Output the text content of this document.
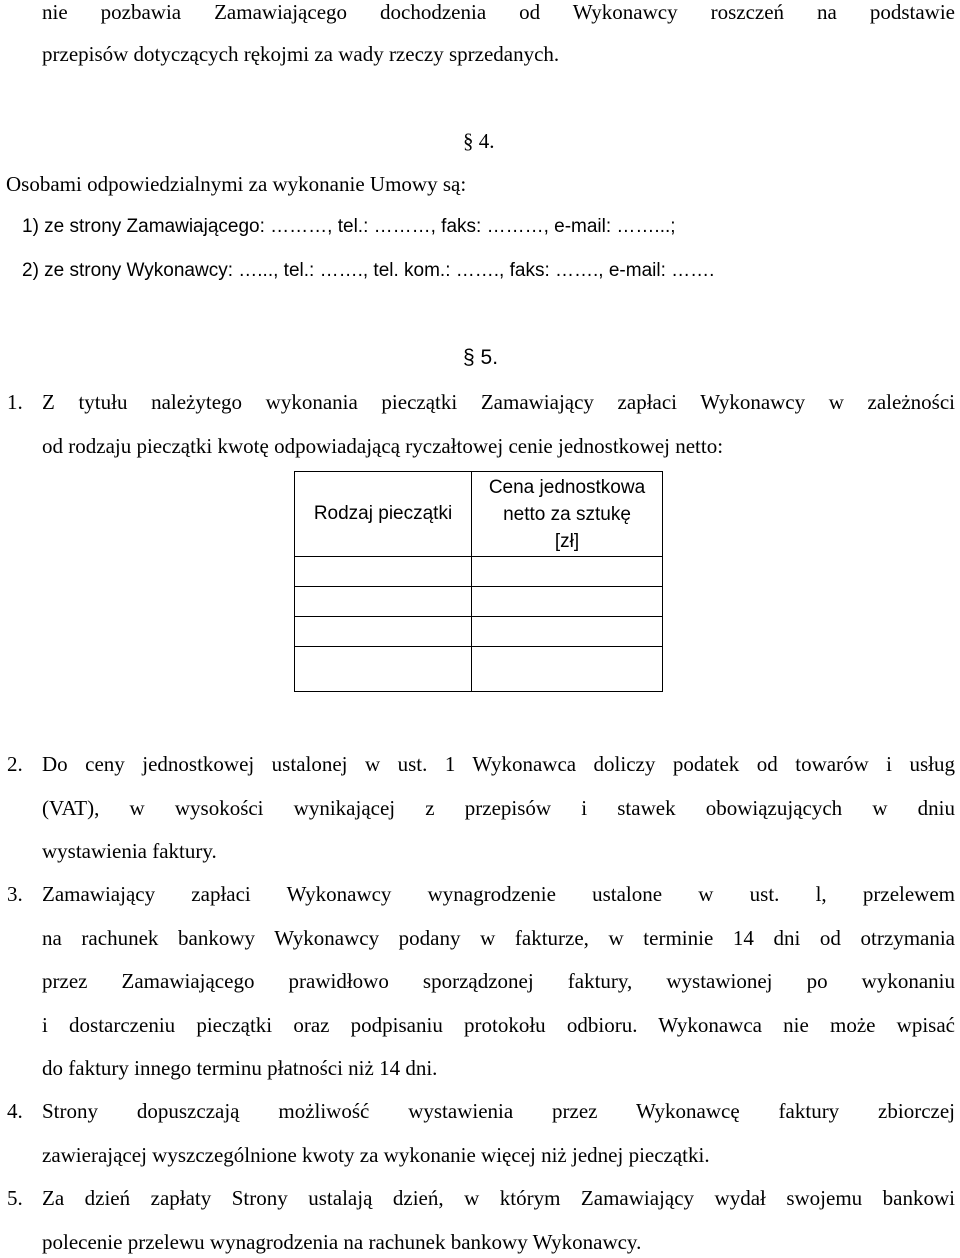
nie pozbawia Zamawiającego dochodzenia od Wykonawcy roszczeń na podstawie
przepisów dotyczących rękojmi za wady rzeczy sprzedanych.
§ 4.
Osobami odpowiedzialnymi za wykonanie Umowy są:
1) ze strony Zamawiającego: ………, tel.: ………, faks: ………, e-mail: ……...;
2) ze strony Wykonawcy: …..., tel.: ……., tel. kom.: ……., faks: ……., e-mail: …….
§ 5.
1. Z tytułu należytego wykonania pieczątki Zamawiający zapłaci Wykonawcy w zależności
od rodzaju pieczątki kwotę odpowiadającą ryczałtowej cenie jednostkowej netto:
Rodzaj pieczątki	Cena jednostkowa
netto za sztukę
[zł]

2. Do ceny jednostkowej ustalonej w ust. 1 Wykonawca doliczy podatek od towarów i usług
(VAT), w wysokości wynikającej z przepisów i stawek obowiązujących w dniu
wystawienia faktury.
3. Zamawiający zapłaci Wykonawcy wynagrodzenie ustalone w ust. l, przelewem
na rachunek bankowy Wykonawcy podany w fakturze, w terminie 14 dni od otrzymania
przez Zamawiającego prawidłowo sporządzonej faktury, wystawionej po wykonaniu
i dostarczeniu pieczątki oraz podpisaniu protokołu odbioru. Wykonawca nie może wpisać
do faktury innego terminu płatności niż 14 dni.
4. Strony dopuszczają możliwość wystawienia przez Wykonawcę faktury zbiorczej
zawierającej wyszczególnione kwoty za wykonanie więcej niż jednej pieczątki.
5. Za dzień zapłaty Strony ustalają dzień, w którym Zamawiający wydał swojemu bankowi
polecenie przelewu wynagrodzenia na rachunek bankowy Wykonawcy.
